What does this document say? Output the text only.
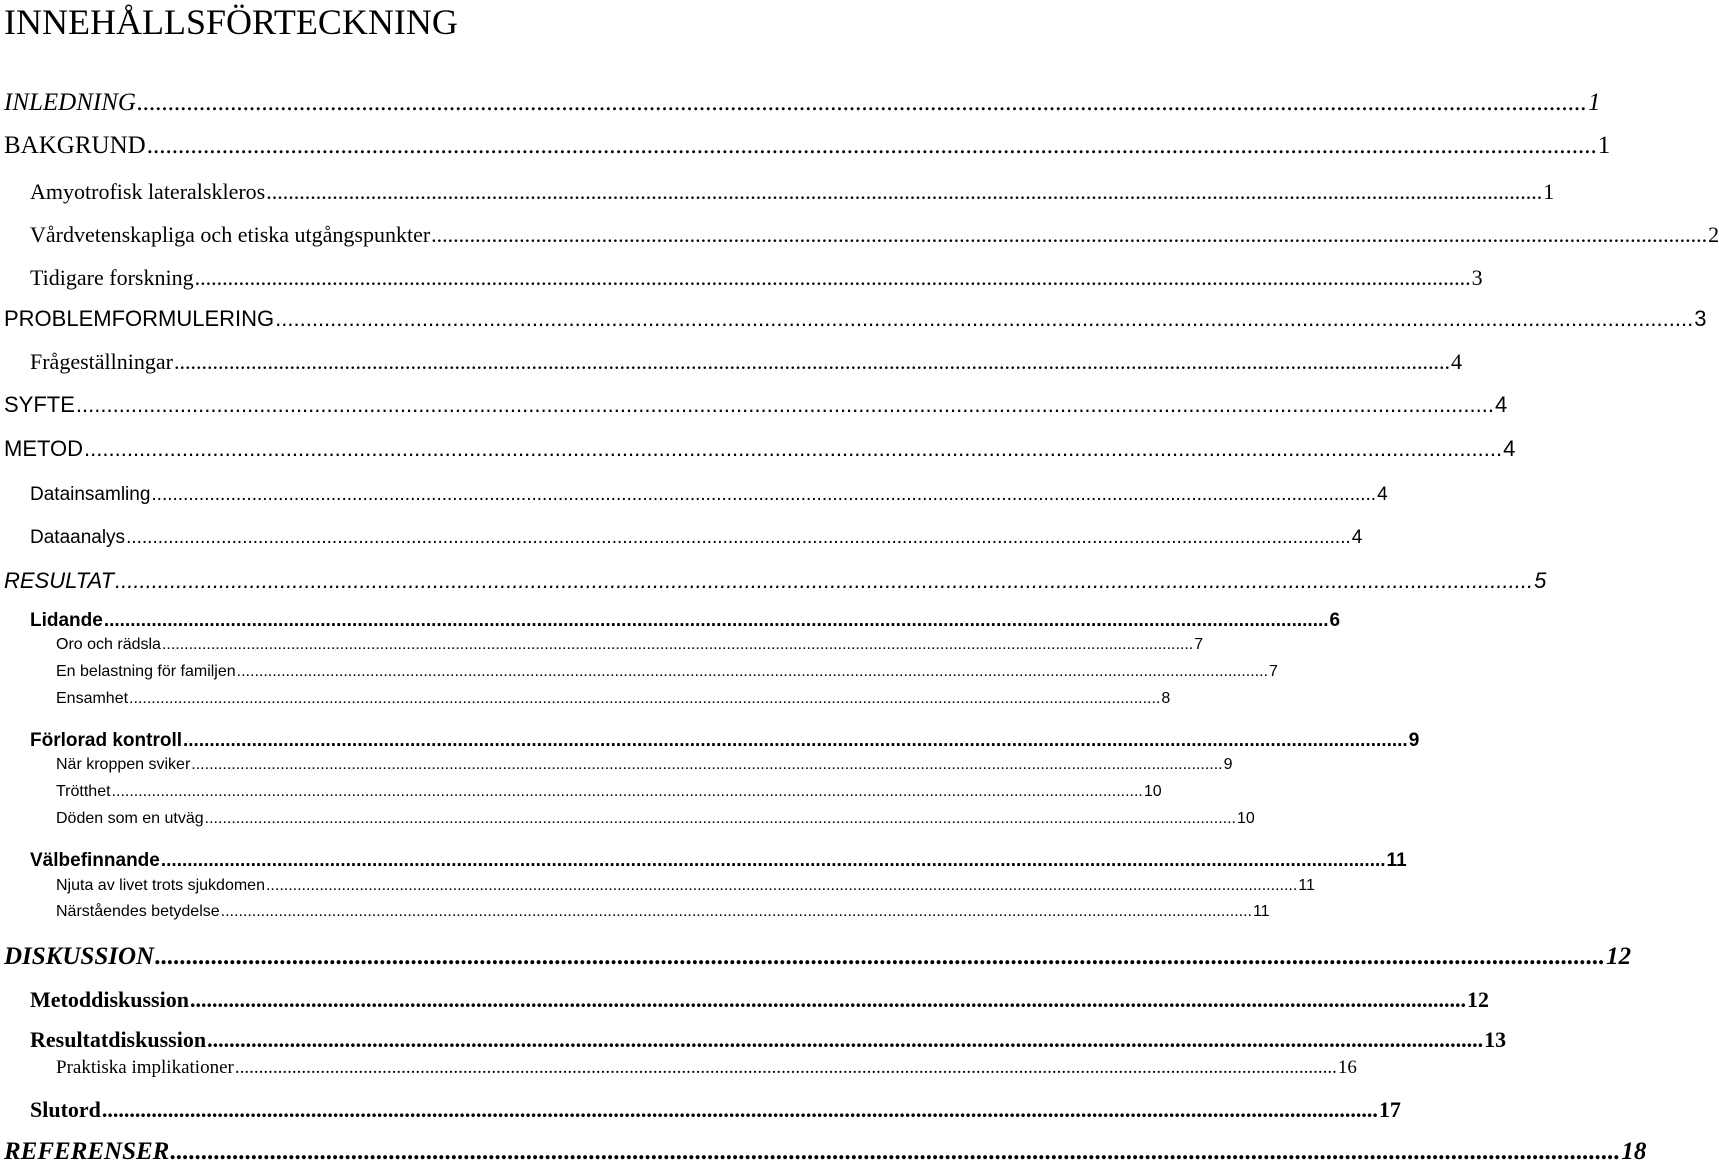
INNEHÅLLSFÖRTECKNING
INLEDNING ........................................................................................................................................................................................................................................ 1
BAKGRUND ........................................................................................................................................................................................................................................ 1
Amyotrofisk lateralskleros ........................................................................................................................................................................................................................................ 1
Vårdvetenskapliga och etiska utgångspunkter ........................................................................................................................................................................................................................................ 2
Tidigare forskning ........................................................................................................................................................................................................................................ 3
PROBLEMFORMULERING ........................................................................................................................................................................................................................................ 3
Frågeställningar ........................................................................................................................................................................................................................................ 4
SYFTE ........................................................................................................................................................................................................................................ 4
METOD ........................................................................................................................................................................................................................................ 4
Datainsamling ........................................................................................................................................................................................................................................ 4
Dataanalys ........................................................................................................................................................................................................................................ 4
RESULTAT ........................................................................................................................................................................................................................................ 5
Lidande ........................................................................................................................................................................................................................................ 6
Oro och rädsla ........................................................................................................................................................................................................................................ 7
En belastning för familjen ........................................................................................................................................................................................................................................ 7
Ensamhet ........................................................................................................................................................................................................................................ 8
Förlorad kontroll ........................................................................................................................................................................................................................................ 9
När kroppen sviker ........................................................................................................................................................................................................................................ 9
Trötthet ........................................................................................................................................................................................................................................ 10
Döden som en utväg ........................................................................................................................................................................................................................................ 10
Välbefinnande ........................................................................................................................................................................................................................................ 11
Njuta av livet trots sjukdomen ........................................................................................................................................................................................................................................ 11
Närståendes betydelse ........................................................................................................................................................................................................................................ 11
DISKUSSION ........................................................................................................................................................................................................................................ 12
Metoddiskussion ........................................................................................................................................................................................................................................ 12
Resultatdiskussion ........................................................................................................................................................................................................................................ 13
Praktiska implikationer ........................................................................................................................................................................................................................................ 16
Slutord ........................................................................................................................................................................................................................................ 17
REFERENSER ........................................................................................................................................................................................................................................ 18
